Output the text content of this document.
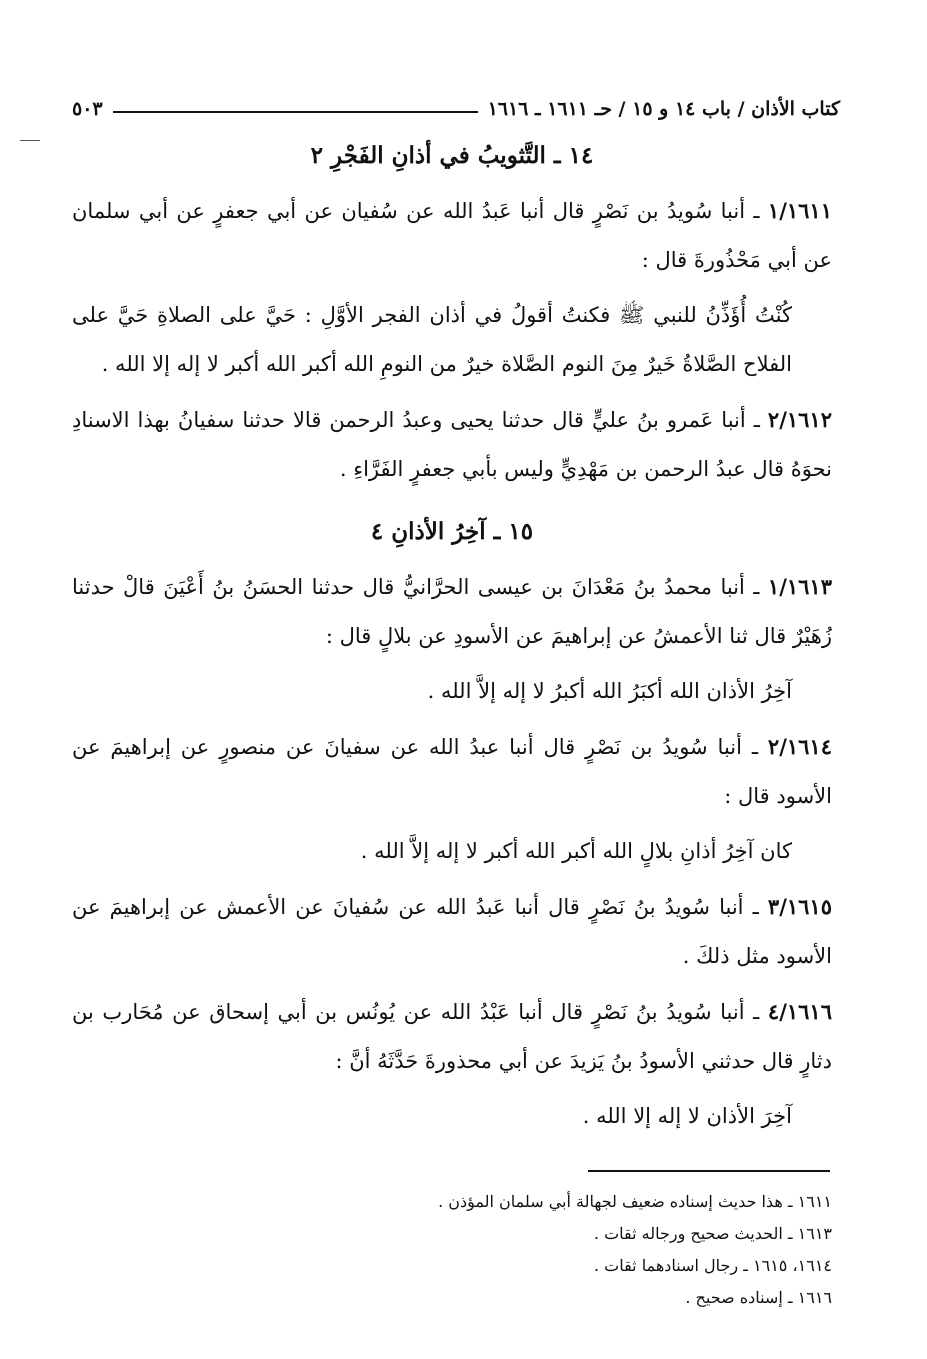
كتاب الأذان / باب ١٤ و ١٥ / حـ ١٦١١ ـ ١٦١٦
٥٠٣
١٤ ـ التَّثويبُ في أذانِ الفَجْرِ ٢

١/١٦١١ ـ أنبا سُويدُ بن نَصْرٍ قال أنبا عَبدُ الله عن سُفيان عن أبي جعفرٍ عن أبي سلمان عن أبي مَحْذُورةَ قال :

كُنْتُ أُؤَذِّنُ للنبي ﷺ فكنتُ أقولُ في أذان الفجر الأوَّلِ : حَيَّ على الصلاةِ حَيَّ على الفلاح الصَّلاةُ خَيرٌ مِنَ النوم الصَّلاة خيرٌ من النومِ الله أكبر الله أكبر لا إله إلا الله .

٢/١٦١٢ ـ أنبا عَمرو بنُ عليٍّ قال حدثنا يحيى وعبدُ الرحمن قالا حدثنا سفيانُ بهذا الاسنادِ نحوَهُ قال عبدُ الرحمن بن مَهْدِيٍّ وليس بأبي جعفرٍ الفَرَّاءِ .

١٥ ـ آخِرُ الأذانِ ٤

١/١٦١٣ ـ أنبا محمدُ بنُ مَعْدَانَ بن عيسى الحرَّانيُّ قال حدثنا الحسَنُ بنُ أَعْيَنَ قالْ حدثنا زُهَيْرٌ قال ثنا الأعمشُ عن إبراهيمَ عن الأسودِ عن بلالٍ قال :

آخِرُ الأذان الله أكبَرُ الله أكبرُ لا إله إلاَّ الله .

٢/١٦١٤ ـ أنبا سُويدُ بن نَصْرٍ قال أنبا عبدُ الله عن سفيانَ عن منصورٍ عن إبراهيمَ عن الأسود قال :

كان آخِرُ أذانِ بلالٍ الله أكبر الله أكبر لا إله إلاَّ الله .

٣/١٦١٥ ـ أنبا سُويدُ بنُ نَصْرٍ قال أنبا عَبدُ الله عن سُفيانَ عن الأعمش عن إبراهيمَ عن الأسود مثل ذلكَ .

٤/١٦١٦ ـ أنبا سُويدُ بنُ نَصْرٍ قال أنبا عَبْدُ الله عن يُونُس بن أبي إسحاق عن مُحَارب بن دثارٍ قال حدثني الأسودُ بنُ يَزيدَ عن أبي محذورةَ حَدَّثَهُ أنَّ :

آخِرَ الأذان لا إله إلا الله .

١٦١١ ـ هذا حديث إسناده ضعيف لجهالة أبي سلمان المؤذن .

١٦١٣ ـ الحديث صحيح ورجاله ثقات .

١٦١٤، ١٦١٥ ـ رجال اسنادهما ثقات .

١٦١٦ ـ إسناده صحيح .
